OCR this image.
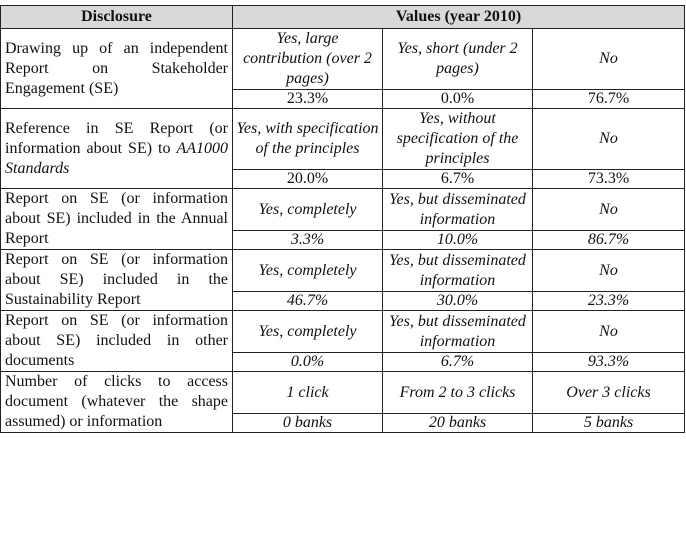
Disclosure	Values (year 2010)		
Drawing up of an independent Report on Stakeholder Engagement (SE)	Yes, large contribution (over 2 pages)	Yes, short (under 2 pages)	No
	23.3%	0.0%	76.7%
Reference in SE Report (or information about SE) to AA1000 Standards	Yes, with specification of the principles	Yes, without specification of the principles	No
	20.0%	6.7%	73.3%
Report on SE (or information about SE) included in the Annual Report	Yes, completely	Yes, but disseminated information	No
	3.3%	10.0%	86.7%
Report on SE (or information about SE) included in the Sustainability Report	Yes, completely	Yes, but disseminated information	No
	46.7%	30.0%	23.3%
Report on SE (or information about SE) included in other documents	Yes, completely	Yes, but disseminated information	No
	0.0%	6.7%	93.3%
Number of clicks to access document (whatever the shape assumed) or information	1 click	From 2 to 3 clicks	Over 3 clicks
	0 banks	20 banks	5 banks
